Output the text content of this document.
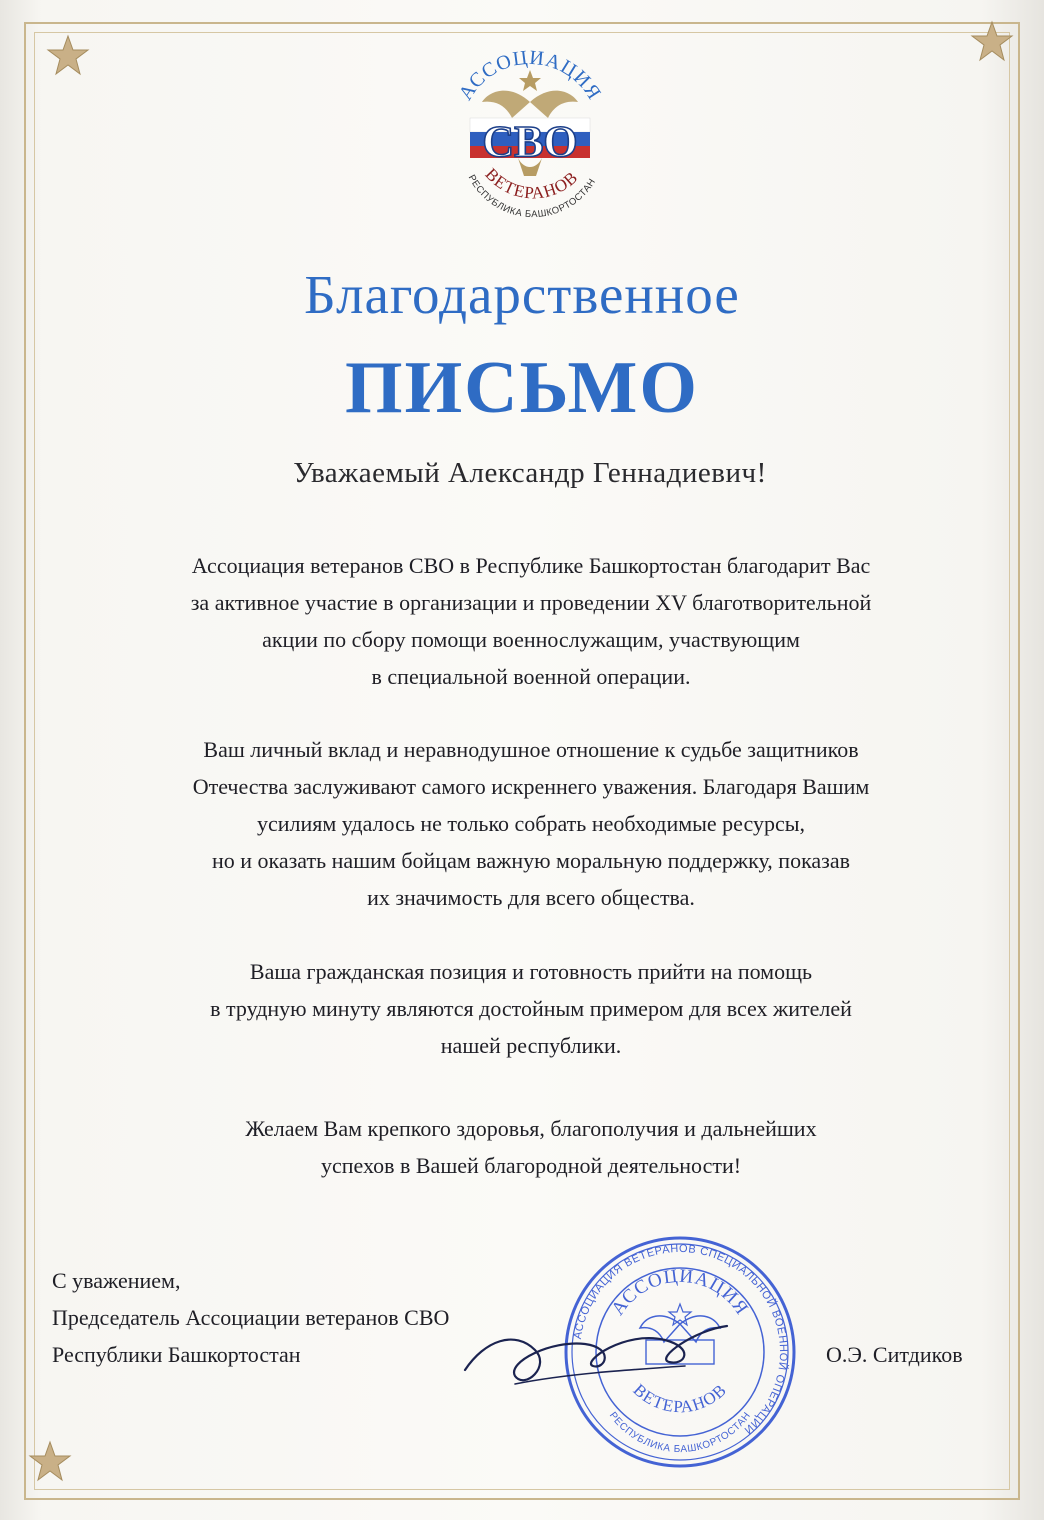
АССОЦИАЦИЯ
СВО
ВЕТЕРАНОВ
РЕСПУБЛИКА БАШКОРТОСТАН
Благодарственное
ПИСЬМО
Уважаемый Александр Геннадиевич!
Ассоциация ветеранов СВО в Республике Башкортостан благодарит Вас
за активное участие в организации и проведении XV благотворительной
акции по сбору помощи военнослужащим, участвующим
в специальной военной операции.
Ваш личный вклад и неравнодушное отношение к судьбе защитников
Отечества заслуживают самого искреннего уважения. Благодаря Вашим
усилиям удалось не только собрать необходимые ресурсы,
но и оказать нашим бойцам важную моральную поддержку, показав
их значимость для всего общества.
Ваша гражданская позиция и готовность прийти на помощь
в трудную минуту являются достойным примером для всех жителей
нашей республики.
Желаем Вам крепкого здоровья, благополучия и дальнейших
успехов в Вашей благородной деятельности!
С уважением,
Председатель Ассоциации ветеранов СВО
Республики Башкортостан
АССОЦИАЦИЯ ВЕТЕРАНОВ СПЕЦИАЛЬНОЙ ВОЕННОЙ ОПЕРАЦИИ
АССОЦИАЦИЯ
ВЕТЕРАНОВ
РЕСПУБЛИКА БАШКОРТОСТАН
О.Э. Ситдиков
